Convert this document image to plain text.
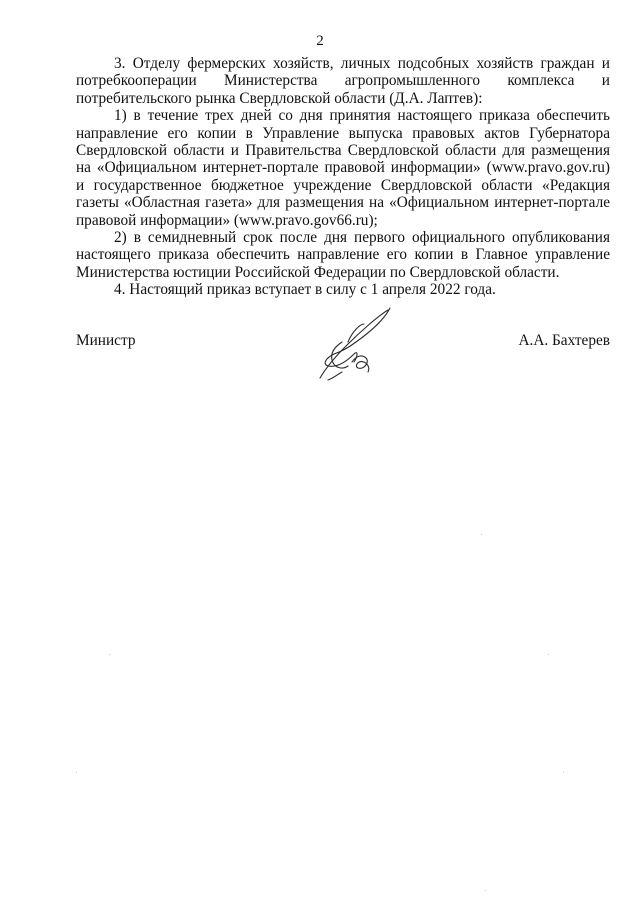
2

3. Отделу фермерских хозяйств, личных подсобных хозяйств граждан и потребкооперации Министерства агропромышленного комплекса и потребительского рынка Свердловской области (Д.А. Лаптев):

1) в течение трех дней со дня принятия настоящего приказа обеспечить направление его копии в Управление выпуска правовых актов Губернатора Свердловской области и Правительства Свердловской области для размещения на «Официальном интернет-портале правовой информации» (www.pravo.gov.ru) и государственное бюджетное учреждение Свердловской области «Редакция газеты «Областная газета» для размещения на «Официальном интернет-портале правовой информации» (www.pravo.gov66.ru);

2) в семидневный срок после дня первого официального опубликования настоящего приказа обеспечить направление его копии в Главное управление Министерства юстиции Российской Федерации по Свердловской области.

4. Настоящий приказ вступает в силу с 1 апреля 2022 года.

Министр	А.А. Бахтерев
